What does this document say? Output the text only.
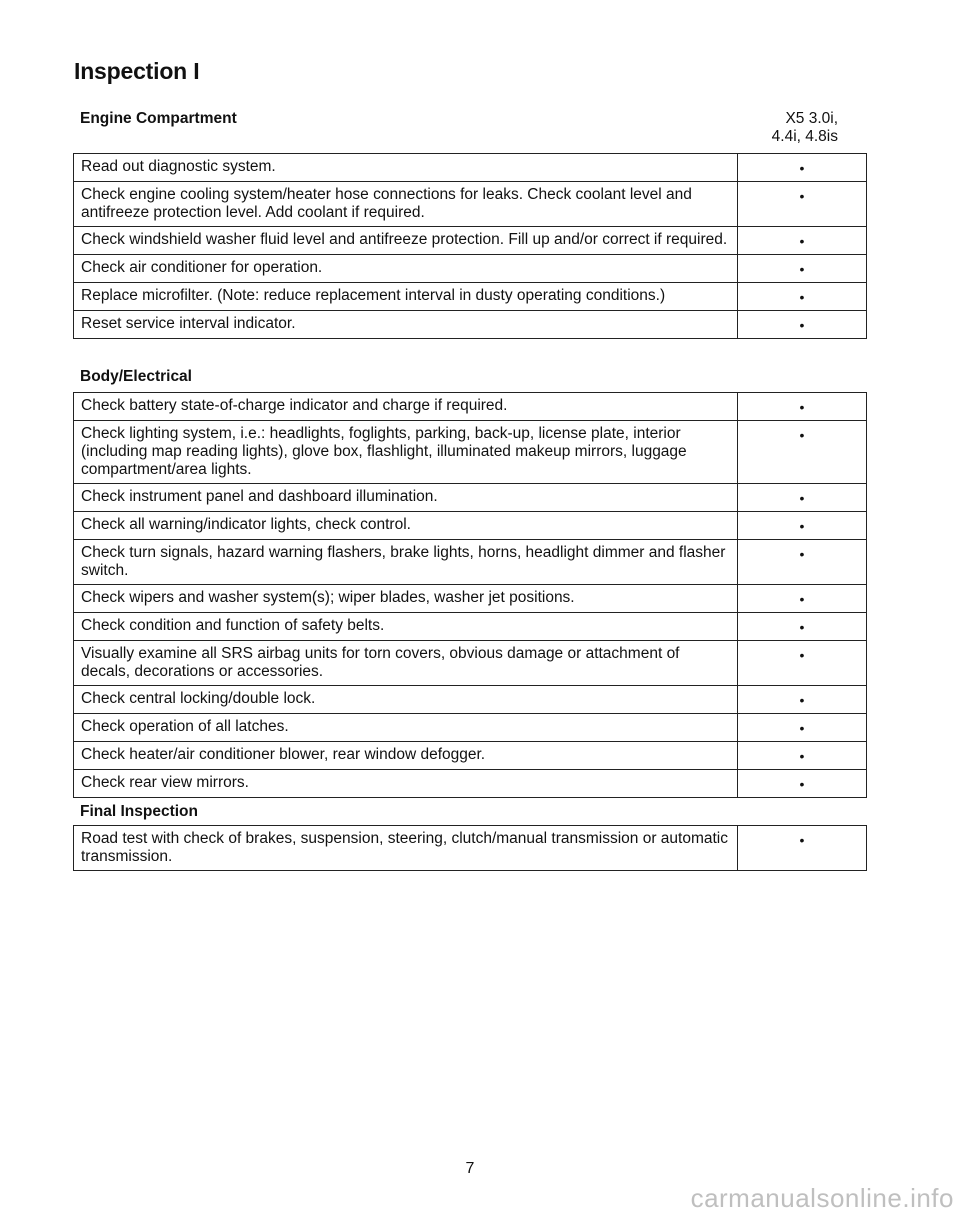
Inspection I
Engine Compartment	X5 3.0i,
4.4i, 4.8is
Read out diagnostic system.	•
Check engine cooling system/heater hose connections for leaks. Check coolant level and antifreeze protection level. Add coolant if required.	•
Check windshield washer fluid level and antifreeze protection. Fill up and/or correct if required.	•
Check air conditioner for operation.	•
Replace microfilter. (Note: reduce replacement interval in dusty operating conditions.)	•
Reset service interval indicator.	•
Body/Electrical
Check battery state-of-charge indicator and charge if required.	•
Check lighting system, i.e.: headlights, foglights, parking, back-up, license plate, interior (including map reading lights), glove box, flashlight, illuminated makeup mirrors, luggage compartment/area lights.	•
Check instrument panel and dashboard illumination.	•
Check all warning/indicator lights, check control.	•
Check turn signals, hazard warning flashers, brake lights, horns, headlight dimmer and flasher switch.	•
Check wipers and washer system(s); wiper blades, washer jet positions.	•
Check condition and function of safety belts.	•
Visually examine all SRS airbag units for torn covers, obvious damage or attachment of decals, decorations or accessories.	•
Check central locking/double lock.	•
Check operation of all latches.	•
Check heater/air conditioner blower, rear window defogger.	•
Check rear view mirrors.	•
Final Inspection
Road test with check of brakes, suspension, steering, clutch/manual transmission or automatic transmission.	•
7
carmanualsonline.info
